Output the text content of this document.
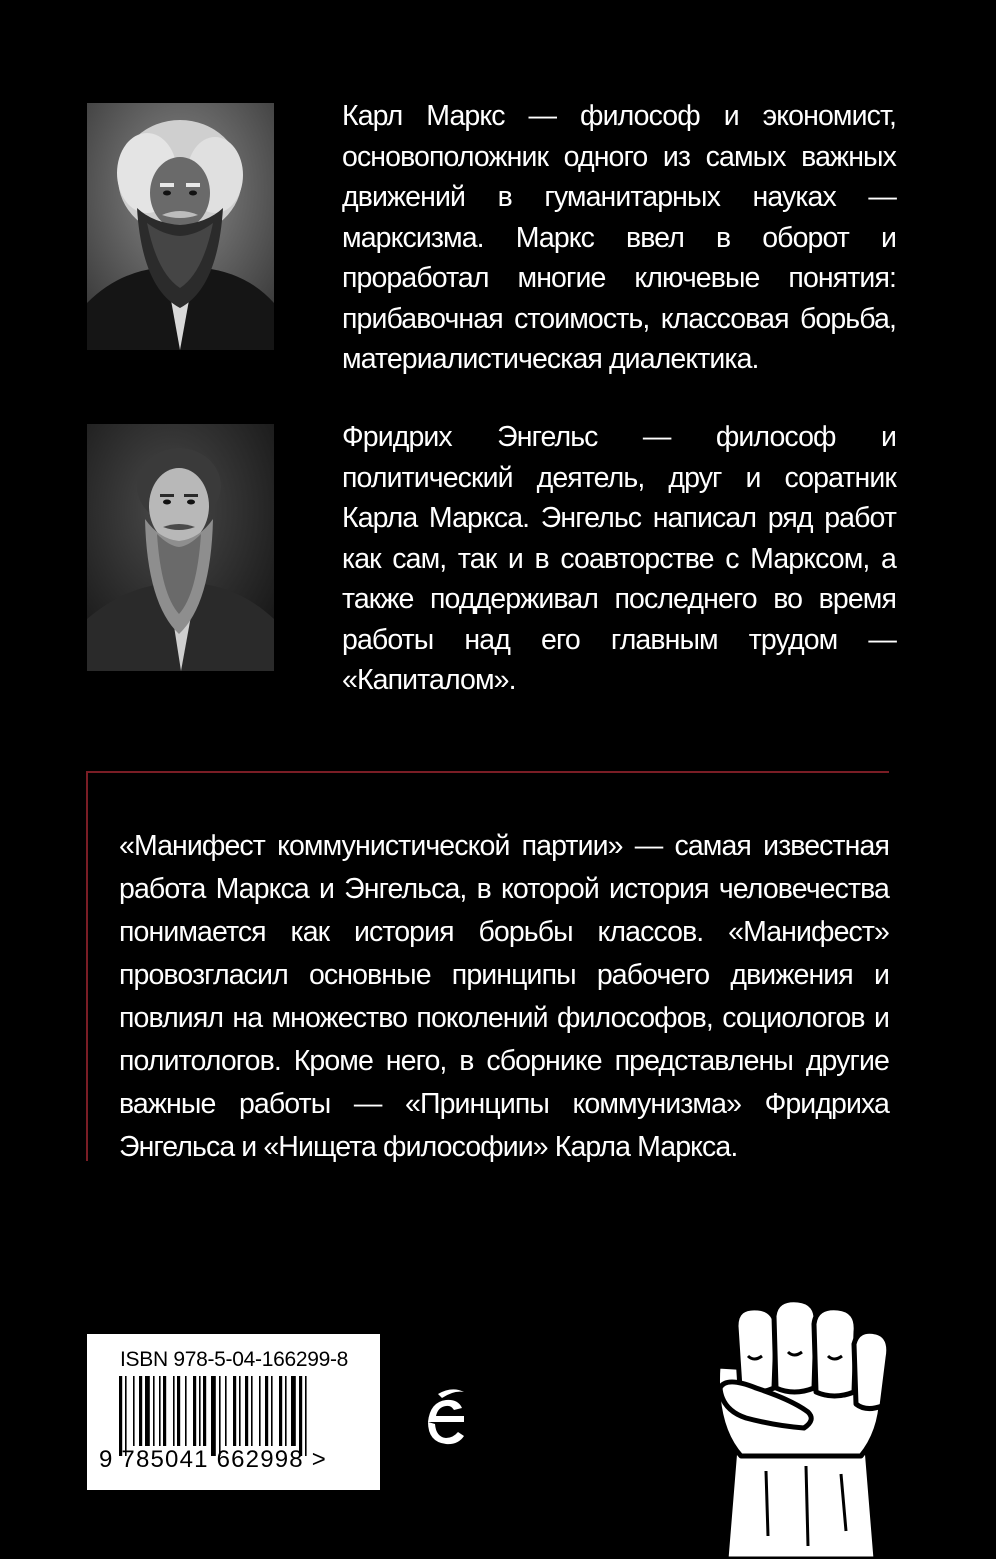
Карл Маркс — философ и экономист, основоположник одного из самых важных движений в гуманитарных науках — марксизма. Маркс ввел в оборот и проработал многие ключевые понятия: прибавочная стоимость, классовая борьба, материалистическая диалектика.

Фридрих Энгельс — философ и политический деятель, друг и соратник Карла Маркса. Энгельс написал ряд работ как сам, так и в соавторстве с Марксом, а также поддерживал последнего во время работы над его главным трудом — «Капиталом».

«Манифест коммунистической партии» — самая известная работа Маркса и Энгельса, в которой история человечества понимается как история борьбы классов. «Манифест» провозгласил основные принципы рабочего движения и повлиял на множество поколений философов, социологов и политологов. Кроме него, в сборнике представлены другие важные работы — «Принципы коммунизма» Фридриха Энгельса и «Нищета философии» Карла Маркса.

ISBN 978-5-04-166299-8
9 785041 662998 >
